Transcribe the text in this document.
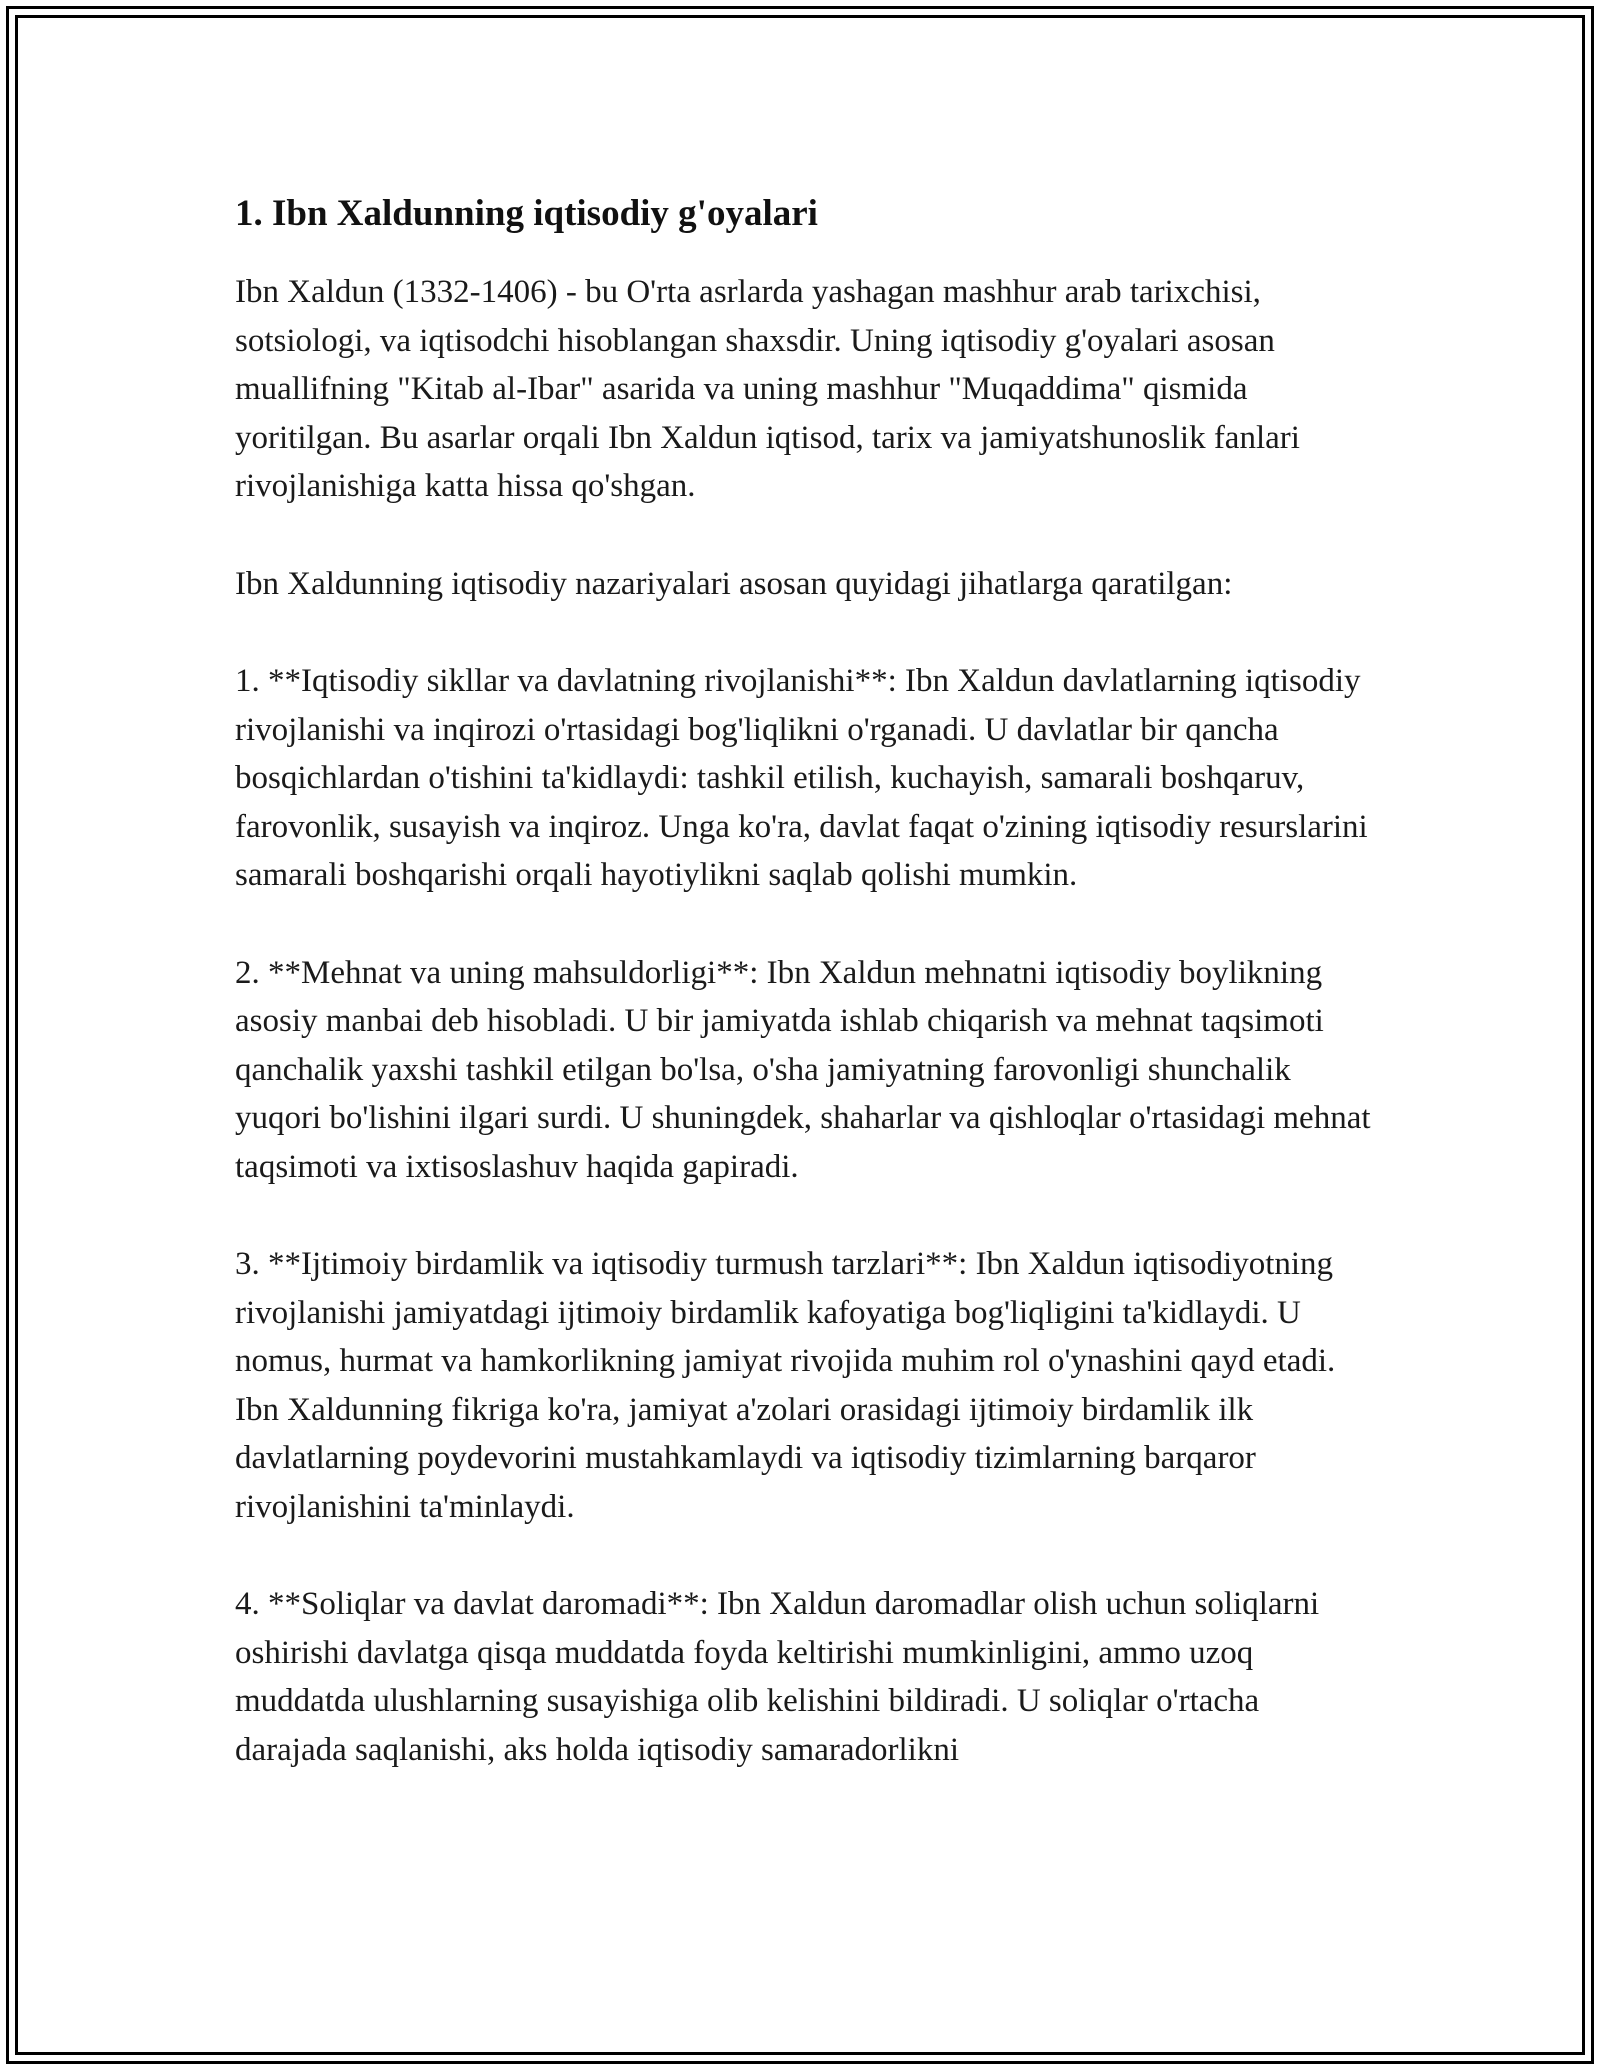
1. Ibn Xaldunning iqtisodiy g'oyalari

Ibn Xaldun (1332-1406) - bu O'rta asrlarda yashagan mashhur arab tarixchisi, sotsiologi, va iqtisodchi hisoblangan shaxsdir. Uning iqtisodiy g'oyalari asosan muallifning "Kitab al-Ibar" asarida va uning mashhur "Muqaddima" qismida yoritilgan. Bu asarlar orqali Ibn Xaldun iqtisod, tarix va jamiyatshunoslik fanlari rivojlanishiga katta hissa qo'shgan.

Ibn Xaldunning iqtisodiy nazariyalari asosan quyidagi jihatlarga qaratilgan:

1. **Iqtisodiy sikllar va davlatning rivojlanishi**: Ibn Xaldun davlatlarning iqtisodiy rivojlanishi va inqirozi o'rtasidagi bog'liqlikni o'rganadi. U davlatlar bir qancha bosqichlardan o'tishini ta'kidlaydi: tashkil etilish, kuchayish, samarali boshqaruv, farovonlik, susayish va inqiroz. Unga ko'ra, davlat faqat o'zining iqtisodiy resurslarini samarali boshqarishi orqali hayotiylikni saqlab qolishi mumkin.

2. **Mehnat va uning mahsuldorligi**: Ibn Xaldun mehnatni iqtisodiy boylikning asosiy manbai deb hisobladi. U bir jamiyatda ishlab chiqarish va mehnat taqsimoti qanchalik yaxshi tashkil etilgan bo'lsa, o'sha jamiyatning farovonligi shunchalik yuqori bo'lishini ilgari surdi. U shuningdek, shaharlar va qishloqlar o'rtasidagi mehnat taqsimoti va ixtisoslashuv haqida gapiradi.

3. **Ijtimoiy birdamlik va iqtisodiy turmush tarzlari**: Ibn Xaldun iqtisodiyotning rivojlanishi jamiyatdagi ijtimoiy birdamlik kafoyatiga bog'liqligini ta'kidlaydi. U nomus, hurmat va hamkorlikning jamiyat rivojida muhim rol o'ynashini qayd etadi. Ibn Xaldunning fikriga ko'ra, jamiyat a'zolari orasidagi ijtimoiy birdamlik ilk davlatlarning poydevorini mustahkamlaydi va iqtisodiy tizimlarning barqaror rivojlanishini ta'minlaydi.

4. **Soliqlar va davlat daromadi**: Ibn Xaldun daromadlar olish uchun soliqlarni oshirishi davlatga qisqa muddatda foyda keltirishi mumkinligini, ammo uzoq muddatda ulushlarning susayishiga olib kelishini bildiradi. U soliqlar o'rtacha darajada saqlanishi, aks holda iqtisodiy samaradorlikni
